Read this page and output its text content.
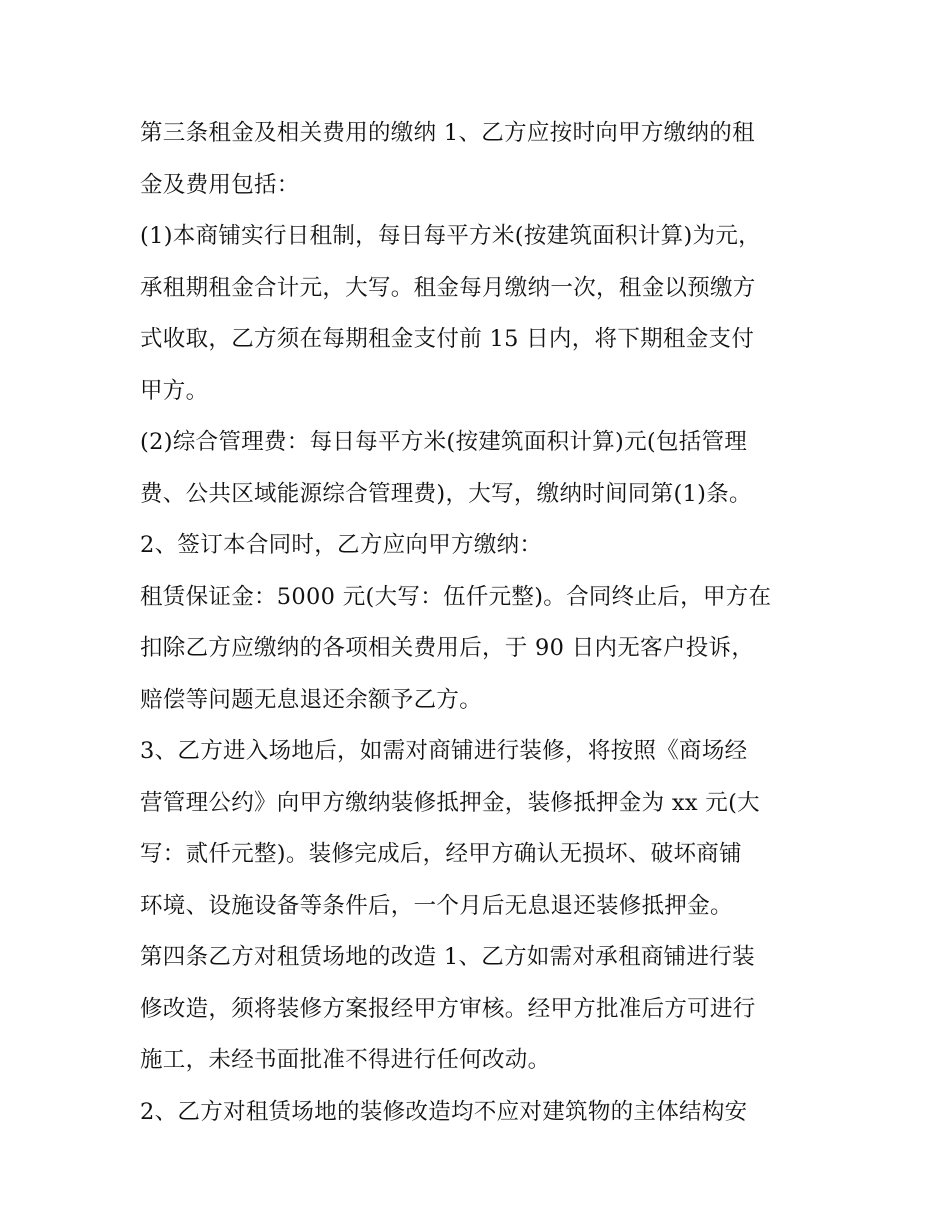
第三条租金及相关费用的缴纳 1、乙方应按时向甲方缴纳的租

金及费用包括：

(1)本商铺实行日租制，每日每平方米(按建筑面积计算)为元，

承租期租金合计元，大写。租金每月缴纳一次，租金以预缴方

式收取，乙方须在每期租金支付前 15 日内，将下期租金支付

甲方。

(2)综合管理费：每日每平方米(按建筑面积计算)元(包括管理

费、公共区域能源综合管理费)，大写，缴纳时间同第(1)条。

2、签订本合同时，乙方应向甲方缴纳：

租赁保证金：5000 元(大写：伍仟元整)。合同终止后，甲方在

扣除乙方应缴纳的各项相关费用后，于 90 日内无客户投诉，

赔偿等问题无息退还余额予乙方。

3、乙方进入场地后，如需对商铺进行装修，将按照《商场经

营管理公约》向甲方缴纳装修抵押金，装修抵押金为 xx 元(大

写：贰仟元整)。装修完成后，经甲方确认无损坏、破坏商铺

环境、设施设备等条件后，一个月后无息退还装修抵押金。

第四条乙方对租赁场地的改造 1、乙方如需对承租商铺进行装

修改造，须将装修方案报经甲方审核。经甲方批准后方可进行

施工，未经书面批准不得进行任何改动。

2、乙方对租赁场地的装修改造均不应对建筑物的主体结构安
